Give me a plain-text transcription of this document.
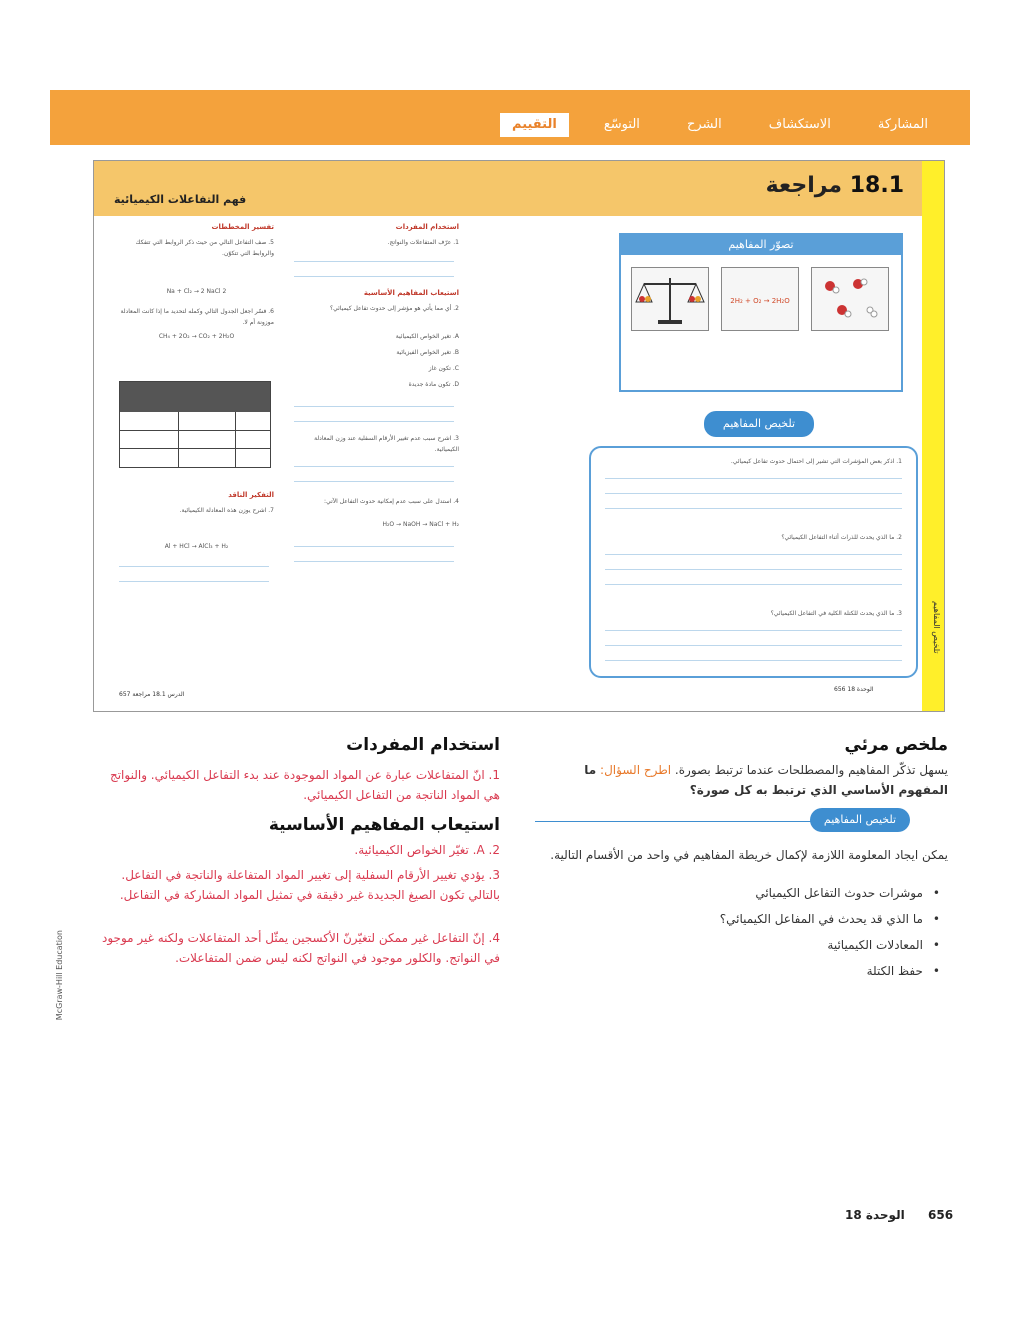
المشاركة
الاستكشاف
الشرح
التوسّع
التقييم
18.1 مراجعة
فهم التفاعلات الكيميائية
تلخيص المفاهيم
تصوّر المفاهيم
2H₂ + O₂ → 2H₂O
تلخيص المفاهيم
1. اذكر بعض المؤشرات التي تشير إلى احتمال حدوث تفاعل كيميائي.
2. ما الذي يحدث للذرات أثناء التفاعل الكيميائي؟
3. ما الذي يحدث للكتلة الكلية في التفاعل الكيميائي؟
استخدام المفردات
1. عرّف المتفاعلات والنواتج.
استيعاب المفاهيم الأساسية
2. أي مما يأتي هو مؤشر إلى حدوث تفاعل كيميائي؟
A. تغير الخواص الكيميائية
B. تغير الخواص الفيزيائية
C. تكون غاز
D. تكون مادة جديدة
3. اشرح سبب عدم تغيير الأرقام السفلية عند وزن المعادلة الكيميائية.
4. استدل على سبب عدم إمكانية حدوث التفاعل الآتي:
H₂O → NaOH → NaCl + H₂
تفسير المخططات
5. صف التفاعل التالي من حيث ذكر الروابط التي تتفكك والروابط التي تتكوّن.
2 Na + Cl₂ → 2 NaCl
6. فسّر اجعل الجدول التالي وكمله لتحديد ما إذا كانت المعادلة موزونة أم لا.
CH₄ + 2O₂ → CO₂ + 2H₂O
التفكير الناقد
7. اشرح يوزن هذه المعادلة الكيميائية.
Al + HCl → AlCl₃ + H₂
657 الدرس 18.1 مراجعة
الوحدة 18 656
استخدام المفردات
1. انّ المتفاعلات عبارة عن المواد الموجودة عند بدء التفاعل الكيميائي. والنواتج هي المواد الناتجة من التفاعل الكيميائي.
استيعاب المفاهيم الأساسية
2. A. تغيّر الخواص الكيميائية.
3. يؤدي تغيير الأرقام السفلية إلى تغيير المواد المتفاعلة والناتجة في التفاعل. بالتالي تكون الصيغ الجديدة غير دقيقة في تمثيل المواد المشاركة في التفاعل.
4. إنّ التفاعل غير ممكن لتغيّرنّ الأكسجين يمثّل أحد المتفاعلات ولكنه غير موجود في النواتج. والكلور موجود في النواتج لكنه ليس ضمن المتفاعلات.
ملخص مرئي
يسهل تذكّر المفاهيم والمصطلحات عندما ترتبط بصورة. اطرح السؤال: ما المفهوم الأساسي الذي ترتبط به كل صورة؟
تلخيص المفاهيم
يمكن ايجاد المعلومة اللازمة لإكمال خريطة المفاهيم في واحد من الأقسام التالية.
• موشرات حدوث التفاعل الكيميائي
• ما الذي قد يحدث في المفاعل الكيميائي؟
• المعادلات الكيميائية
• حفظ الكتلة
McGraw-Hill Education
الوحدة 18 656
